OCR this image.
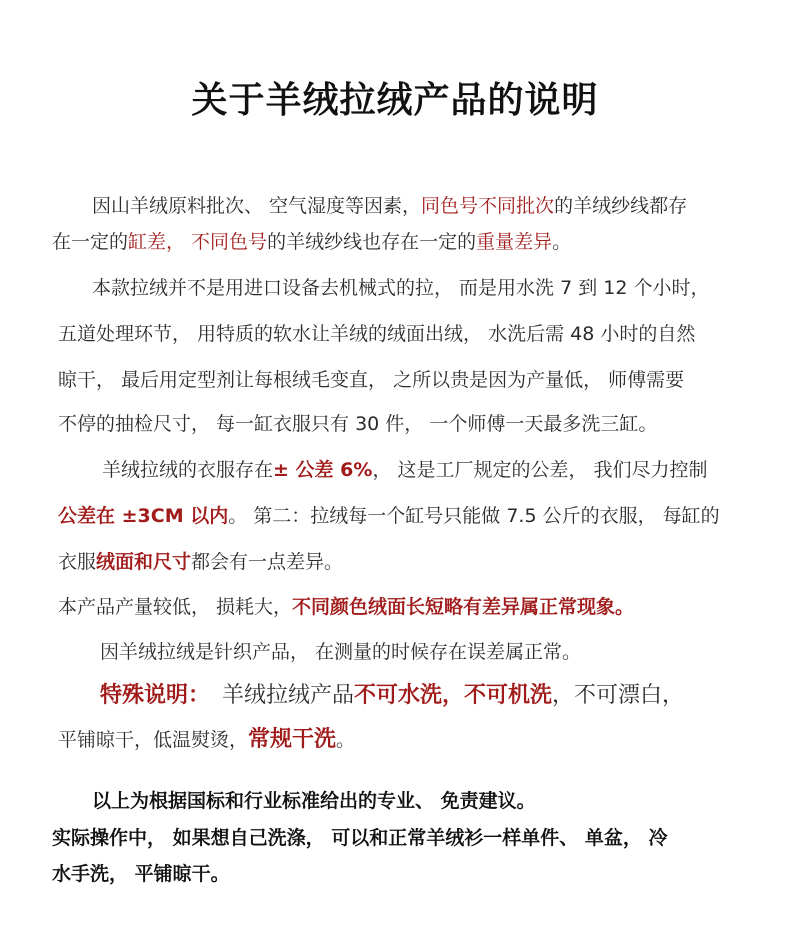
关于羊绒拉绒产品的说明
因山羊绒原料批次、 空气湿度等因素，同色号不同批次的羊绒纱线都存
在一定的缸差， 不同色号的羊绒纱线也存在一定的重量差异。
本款拉绒并不是用进口设备去机械式的拉， 而是用水洗 7 到 12 个小时，
五道处理环节， 用特质的软水让羊绒的绒面出绒， 水洗后需 48 小时的自然
晾干， 最后用定型剂让每根绒毛变直， 之所以贵是因为产量低， 师傅需要
不停的抽检尺寸， 每一缸衣服只有 30 件， 一个师傅一天最多洗三缸。
羊绒拉绒的衣服存在± 公差 6%， 这是工厂规定的公差， 我们尽力控制
公差在 ±3CM 以内。 第二：拉绒每一个缸号只能做 7.5 公斤的衣服， 每缸的
衣服绒面和尺寸都会有一点差异。
本产品产量较低， 损耗大，不同颜色绒面长短略有差异属正常现象。
因羊绒拉绒是针织产品， 在测量的时候存在误差属正常。
特殊说明： 羊绒拉绒产品不可水洗，不可机洗，不可漂白，
平铺晾干，低温熨烫，常规干洗。
以上为根据国标和行业标准给出的专业、 免责建议。
实际操作中， 如果想自己洗涤， 可以和正常羊绒衫一样单件、 单盆， 冷
水手洗， 平铺晾干。
